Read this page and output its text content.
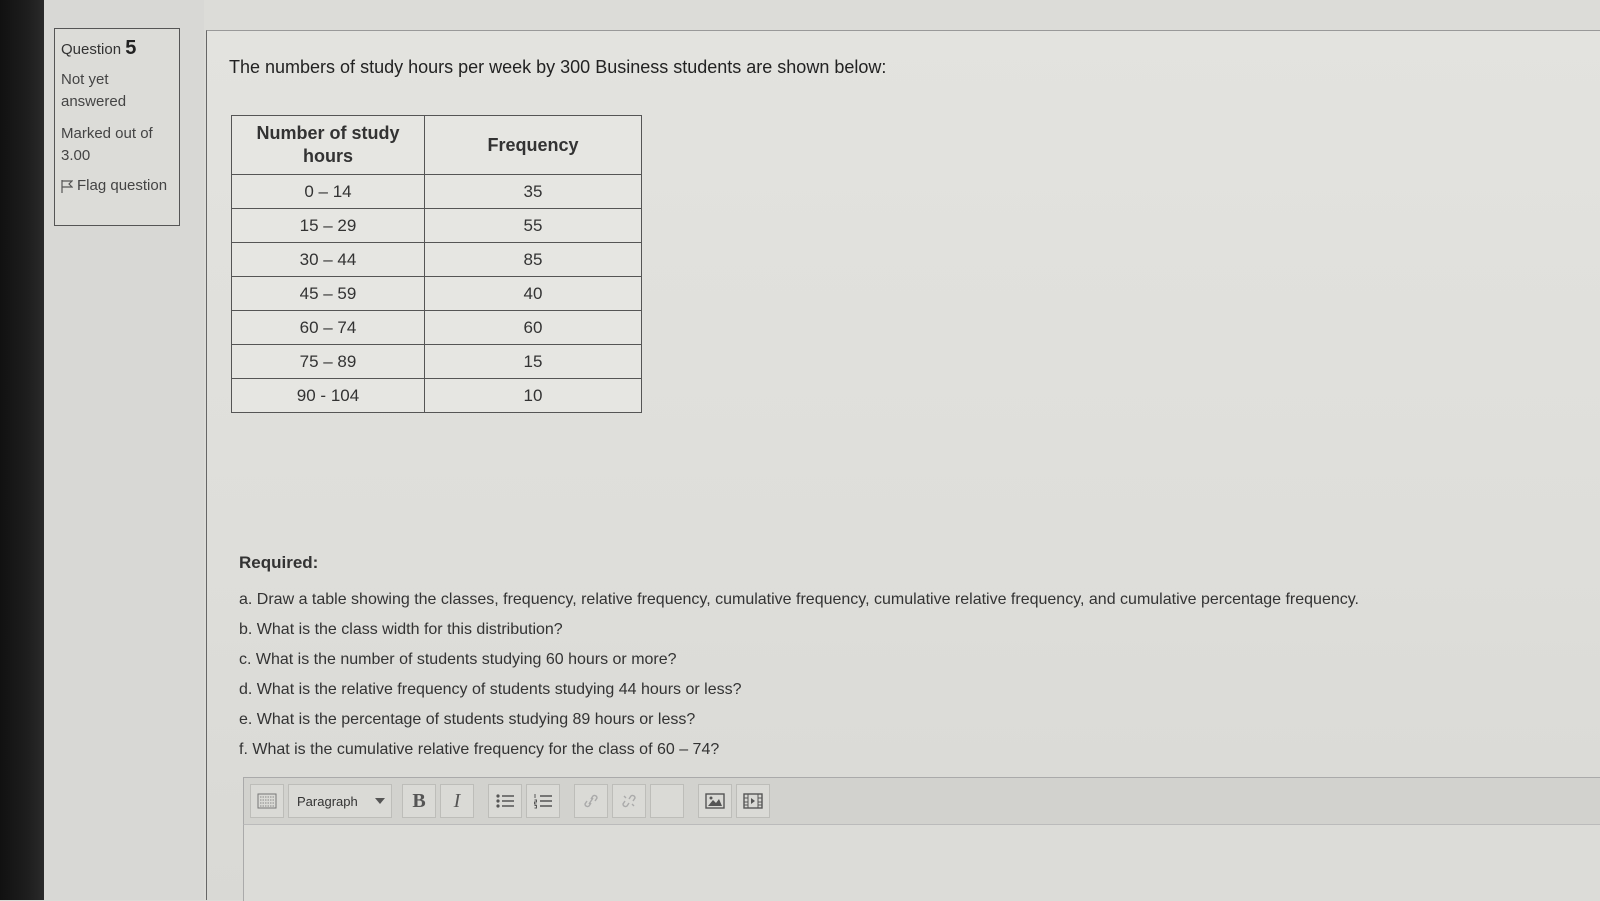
Question 5
Not yet answered
Marked out of 3.00
Flag question
The numbers of study hours per week by 300 Business students are shown below:
Number of study hours	Frequency
0 – 14	35
15 – 29	55
30 – 44	85
45 – 59	40
60 – 74	60
75 – 89	15
90 - 104	10
Required:
a. Draw a table showing the classes, frequency, relative frequency, cumulative frequency, cumulative relative frequency, and cumulative percentage frequency.
b. What is the class width for this distribution?
c. What is the number of students studying 60 hours or more?
d. What is the relative frequency of students studying 44 hours or less?
e. What is the percentage of students studying 89 hours or less?
f. What is the cumulative relative frequency for the class of 60 – 74?
Paragraph	B I
